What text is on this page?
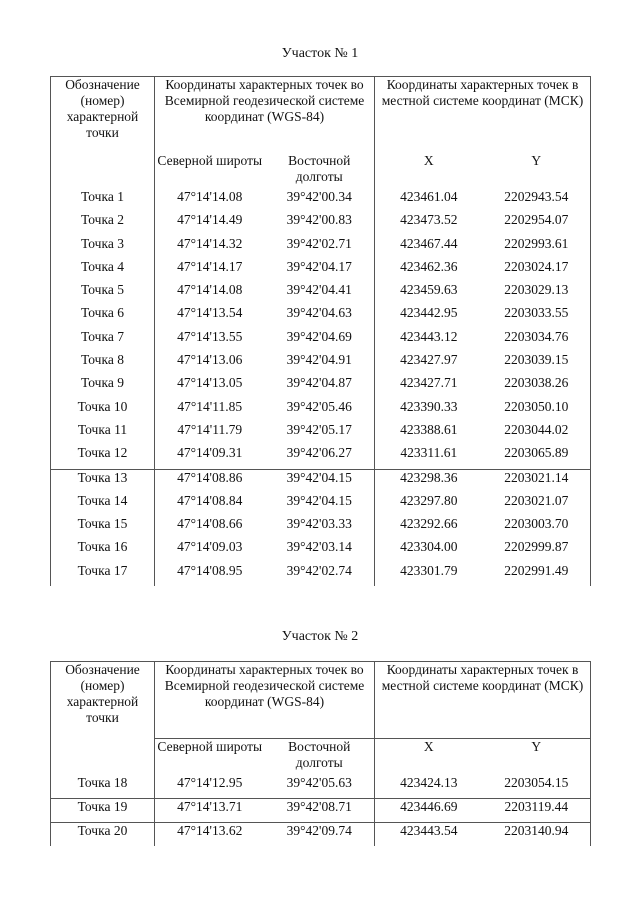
Участок № 1
Обозначение (номер) характерной точки	Координаты характерных точек во Всемирной геодезической системе координат (WGS-84)		Координаты характерных точек в местной системе координат (МСК)	
	Северной широты	Восточной долготы	X	Y
Точка 1	47°14'14.08	39°42'00.34	423461.04	2202943.54
Точка 2	47°14'14.49	39°42'00.83	423473.52	2202954.07
Точка 3	47°14'14.32	39°42'02.71	423467.44	2202993.61
Точка 4	47°14'14.17	39°42'04.17	423462.36	2203024.17
Точка 5	47°14'14.08	39°42'04.41	423459.63	2203029.13
Точка 6	47°14'13.54	39°42'04.63	423442.95	2203033.55
Точка 7	47°14'13.55	39°42'04.69	423443.12	2203034.76
Точка 8	47°14'13.06	39°42'04.91	423427.97	2203039.15
Точка 9	47°14'13.05	39°42'04.87	423427.71	2203038.26
Точка 10	47°14'11.85	39°42'05.46	423390.33	2203050.10
Точка 11	47°14'11.79	39°42'05.17	423388.61	2203044.02
Точка 12	47°14'09.31	39°42'06.27	423311.61	2203065.89
Точка 13	47°14'08.86	39°42'04.15	423298.36	2203021.14
Точка 14	47°14'08.84	39°42'04.15	423297.80	2203021.07
Точка 15	47°14'08.66	39°42'03.33	423292.66	2203003.70
Точка 16	47°14'09.03	39°42'03.14	423304.00	2202999.87
Точка 17	47°14'08.95	39°42'02.74	423301.79	2202991.49
Участок № 2
Обозначение (номер) характерной точки	Координаты характерных точек во Всемирной геодезической системе координат (WGS-84)		Координаты характерных точек в местной системе координат (МСК)	
	Северной широты	Восточной долготы	X	Y
Точка 18	47°14'12.95	39°42'05.63	423424.13	2203054.15
Точка 19	47°14'13.71	39°42'08.71	423446.69	2203119.44
Точка 20	47°14'13.62	39°42'09.74	423443.54	2203140.94
